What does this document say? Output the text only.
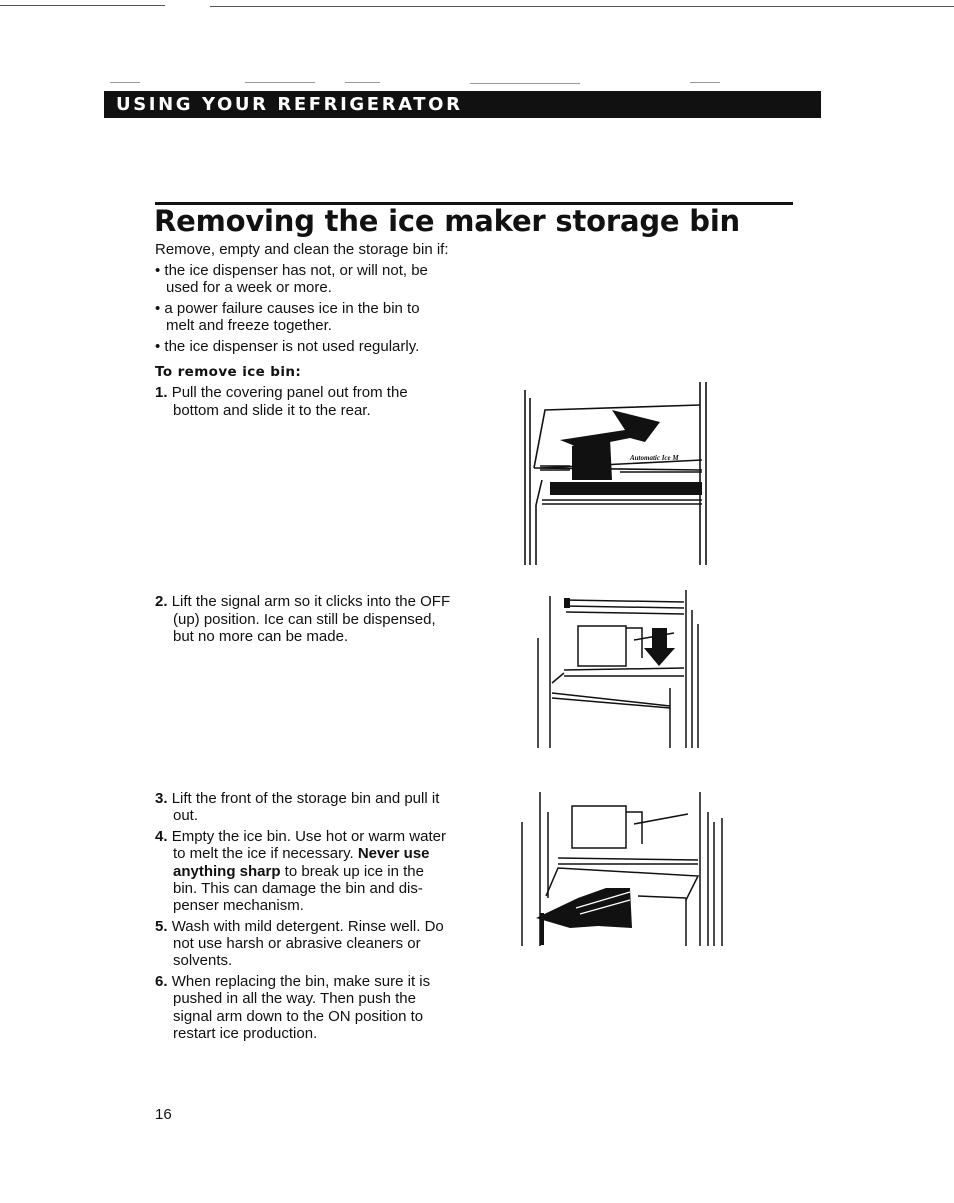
USING YOUR REFRIGERATOR
Removing the ice maker storage bin
Remove, empty and clean the storage bin if:
• the ice dispenser has not, or will not, be
used for a week or more.
• a power failure causes ice in the bin to
melt and freeze together.
• the ice dispenser is not used regularly.
To remove ice bin:
1. Pull the covering panel out from the
bottom and slide it to the rear.
2. Lift the signal arm so it clicks into the OFF
(up) position. Ice can still be dispensed,
but no more can be made.
3. Lift the front of the storage bin and pull it
out.
4. Empty the ice bin. Use hot or warm water
to melt the ice if necessary. Never use
anything sharp to break up ice in the
bin. This can damage the bin and dis-
penser mechanism.
5. Wash with mild detergent. Rinse well. Do
not use harsh or abrasive cleaners or
solvents.
6. When replacing the bin, make sure it is
pushed in all the way. Then push the
signal arm down to the ON position to
restart ice production.
Automatic Ice M
16
